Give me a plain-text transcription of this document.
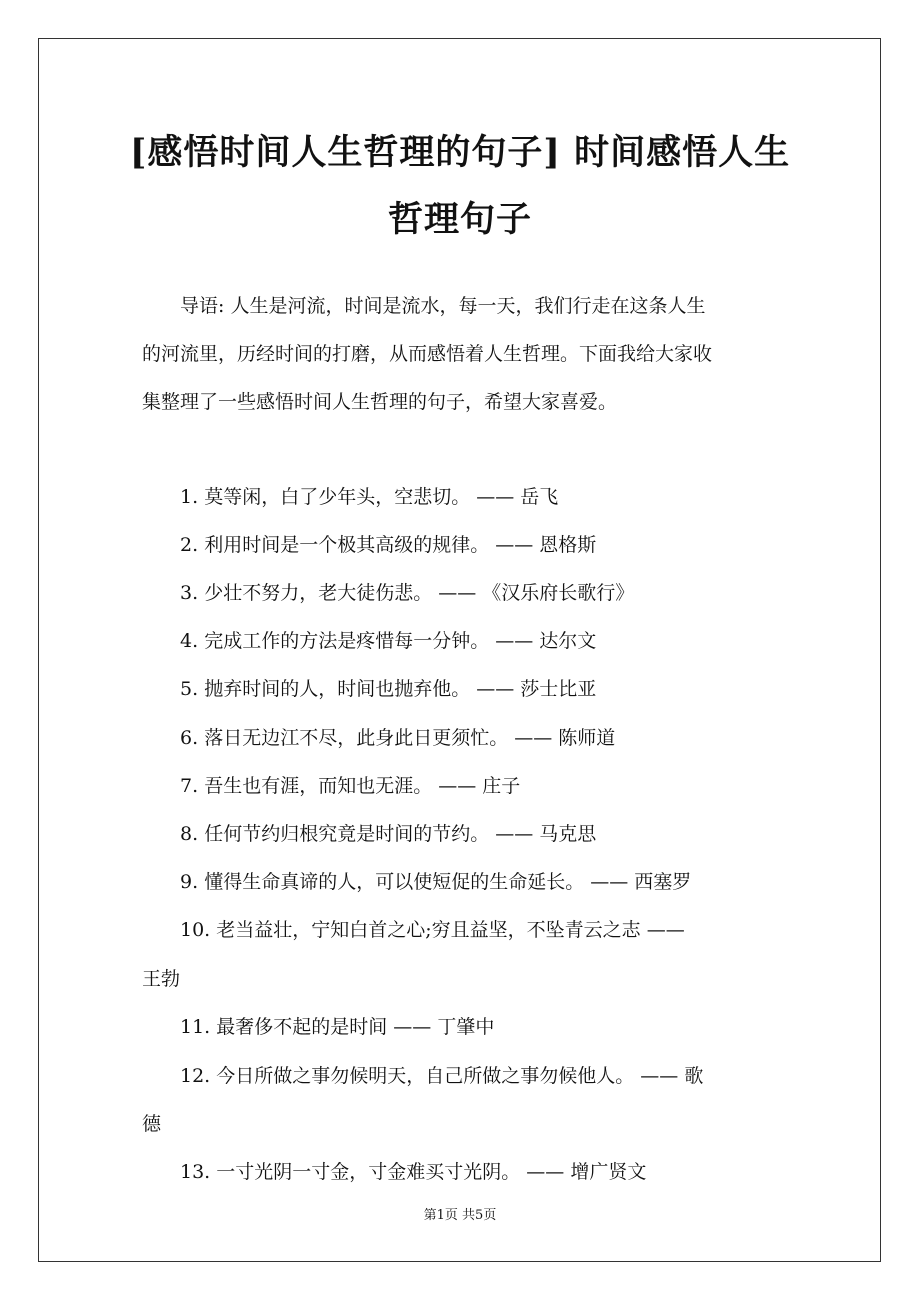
[感悟时间人生哲理的句子] 时间感悟人生
哲理句子
导语: 人生是河流，时间是流水，每一天，我们行走在这条人生
的河流里，历经时间的打磨，从而感悟着人生哲理。下面我给大家收
集整理了一些感悟时间人生哲理的句子，希望大家喜爱。
1. 莫等闲，白了少年头，空悲切。 —— 岳飞
2. 利用时间是一个极其高级的规律。 —— 恩格斯
3. 少壮不努力，老大徒伤悲。 —— 《汉乐府长歌行》
4. 完成工作的方法是疼惜每一分钟。 —— 达尔文
5. 抛弃时间的人，时间也抛弃他。 —— 莎士比亚
6. 落日无边江不尽，此身此日更须忙。 —— 陈师道
7. 吾生也有涯，而知也无涯。 —— 庄子
8. 任何节约归根究竟是时间的节约。 —— 马克思
9. 懂得生命真谛的人，可以使短促的生命延长。 —— 西塞罗
10. 老当益壮，宁知白首之心;穷且益坚，不坠青云之志 ——
王勃
11. 最奢侈不起的是时间 —— 丁肇中
12. 今日所做之事勿候明天，自己所做之事勿候他人。 —— 歌
德
13. 一寸光阴一寸金，寸金难买寸光阴。 —— 增广贤文
第1页 共5页
